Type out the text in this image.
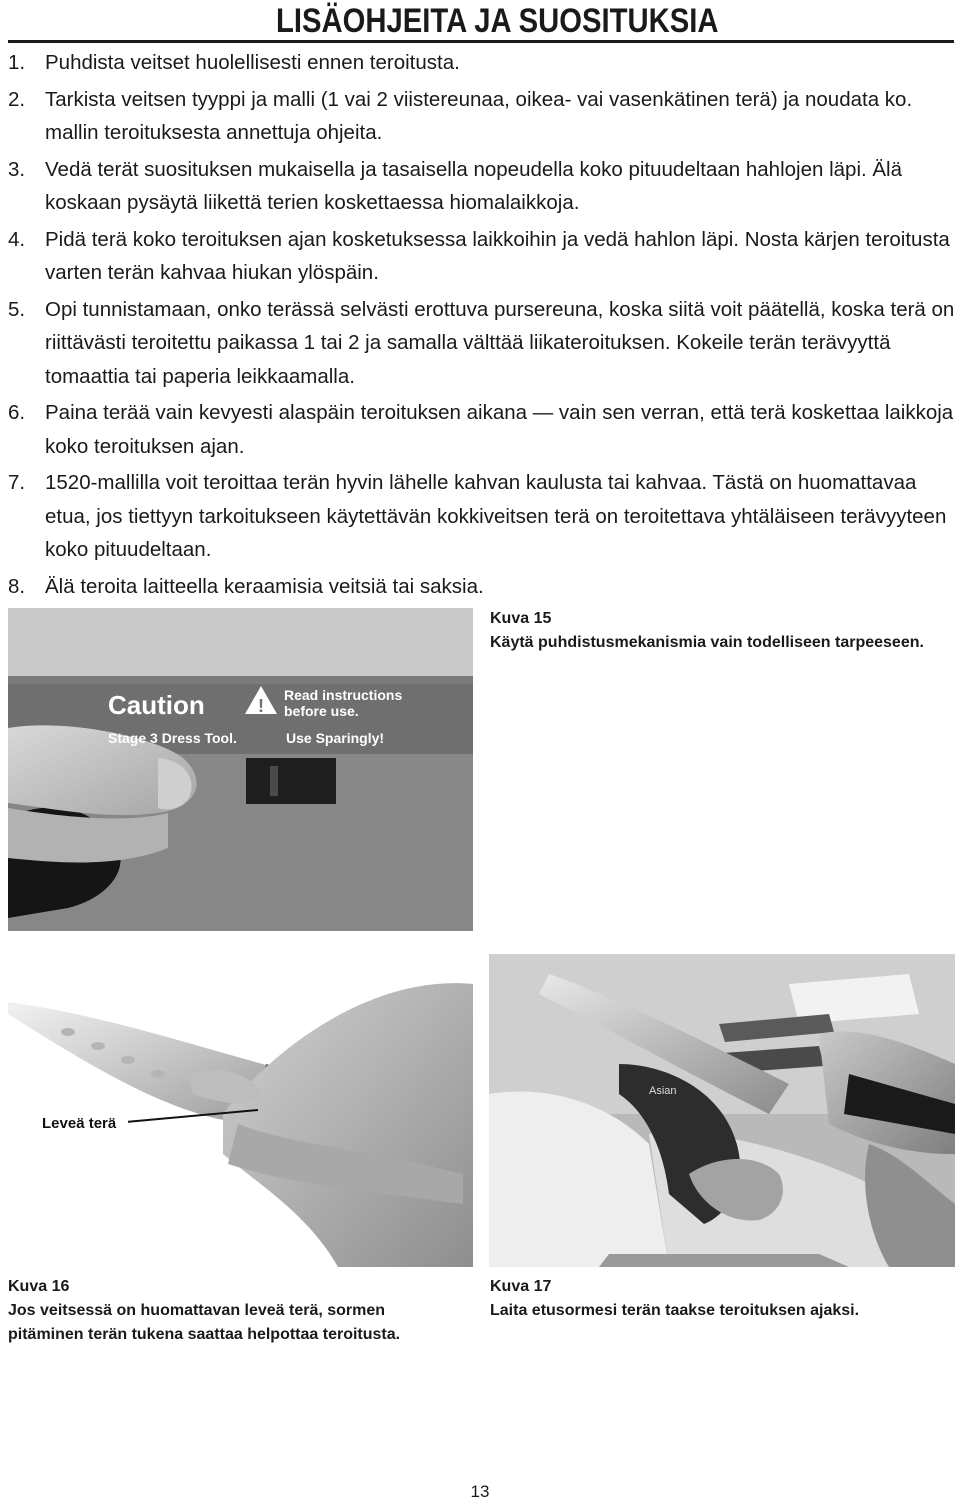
LISÄOHJEITA JA SUOSITUKSIA
1. Puhdista veitset huolellisesti ennen teroitusta.
2. Tarkista veitsen tyyppi ja malli (1 vai 2 viistereunaa, oikea- vai vasenkätinen terä) ja noudata ko. mallin teroituksesta annettuja ohjeita.
3. Vedä terät suosituksen mukaisella ja tasaisella nopeudella koko pituudeltaan hahlojen läpi. Älä koskaan pysäytä liikettä terien koskettaessa hiomalaikkoja.
4. Pidä terä koko teroituksen ajan kosketuksessa laikkoihin ja vedä hahlon läpi. Nosta kärjen teroitusta varten terän kahvaa hiukan ylöspäin.
5. Opi tunnistamaan, onko terässä selvästi erottuva pursereuna, koska siitä voit päätellä, koska terä on riittävästi teroitettu paikassa 1 tai 2 ja samalla välttää liikateroituksen. Kokeile terän terävyyttä tomaattia tai paperia leikkaamalla.
6. Paina terää vain kevyesti alaspäin teroituksen aikana — vain sen verran, että terä koskettaa laikkoja koko teroituksen ajan.
7. 1520-mallilla voit teroittaa terän hyvin lähelle kahvan kaulusta tai kahvaa. Tästä on huomattavaa etua, jos tiettyyn tarkoitukseen käytettävän kokkiveitsen terä on teroitettava yhtäläiseen terävyyteen koko pituudeltaan.
8. Älä teroita laitteella keraamisia veitsiä tai saksia.
Caution	!
Read instructions
before use.
Stage 3 Dress Tool.	Use Sparingly!
Kuva 15
Käytä puhdistusmekanismia vain todelliseen tarpeeseen.
Leveä terä
Asian
Kuva 16
Jos veitsessä on huomattavan leveä terä, sormen pitäminen terän tukena saattaa helpottaa teroitusta.
Kuva 17
Laita etusormesi terän taakse teroituksen ajaksi.
13
